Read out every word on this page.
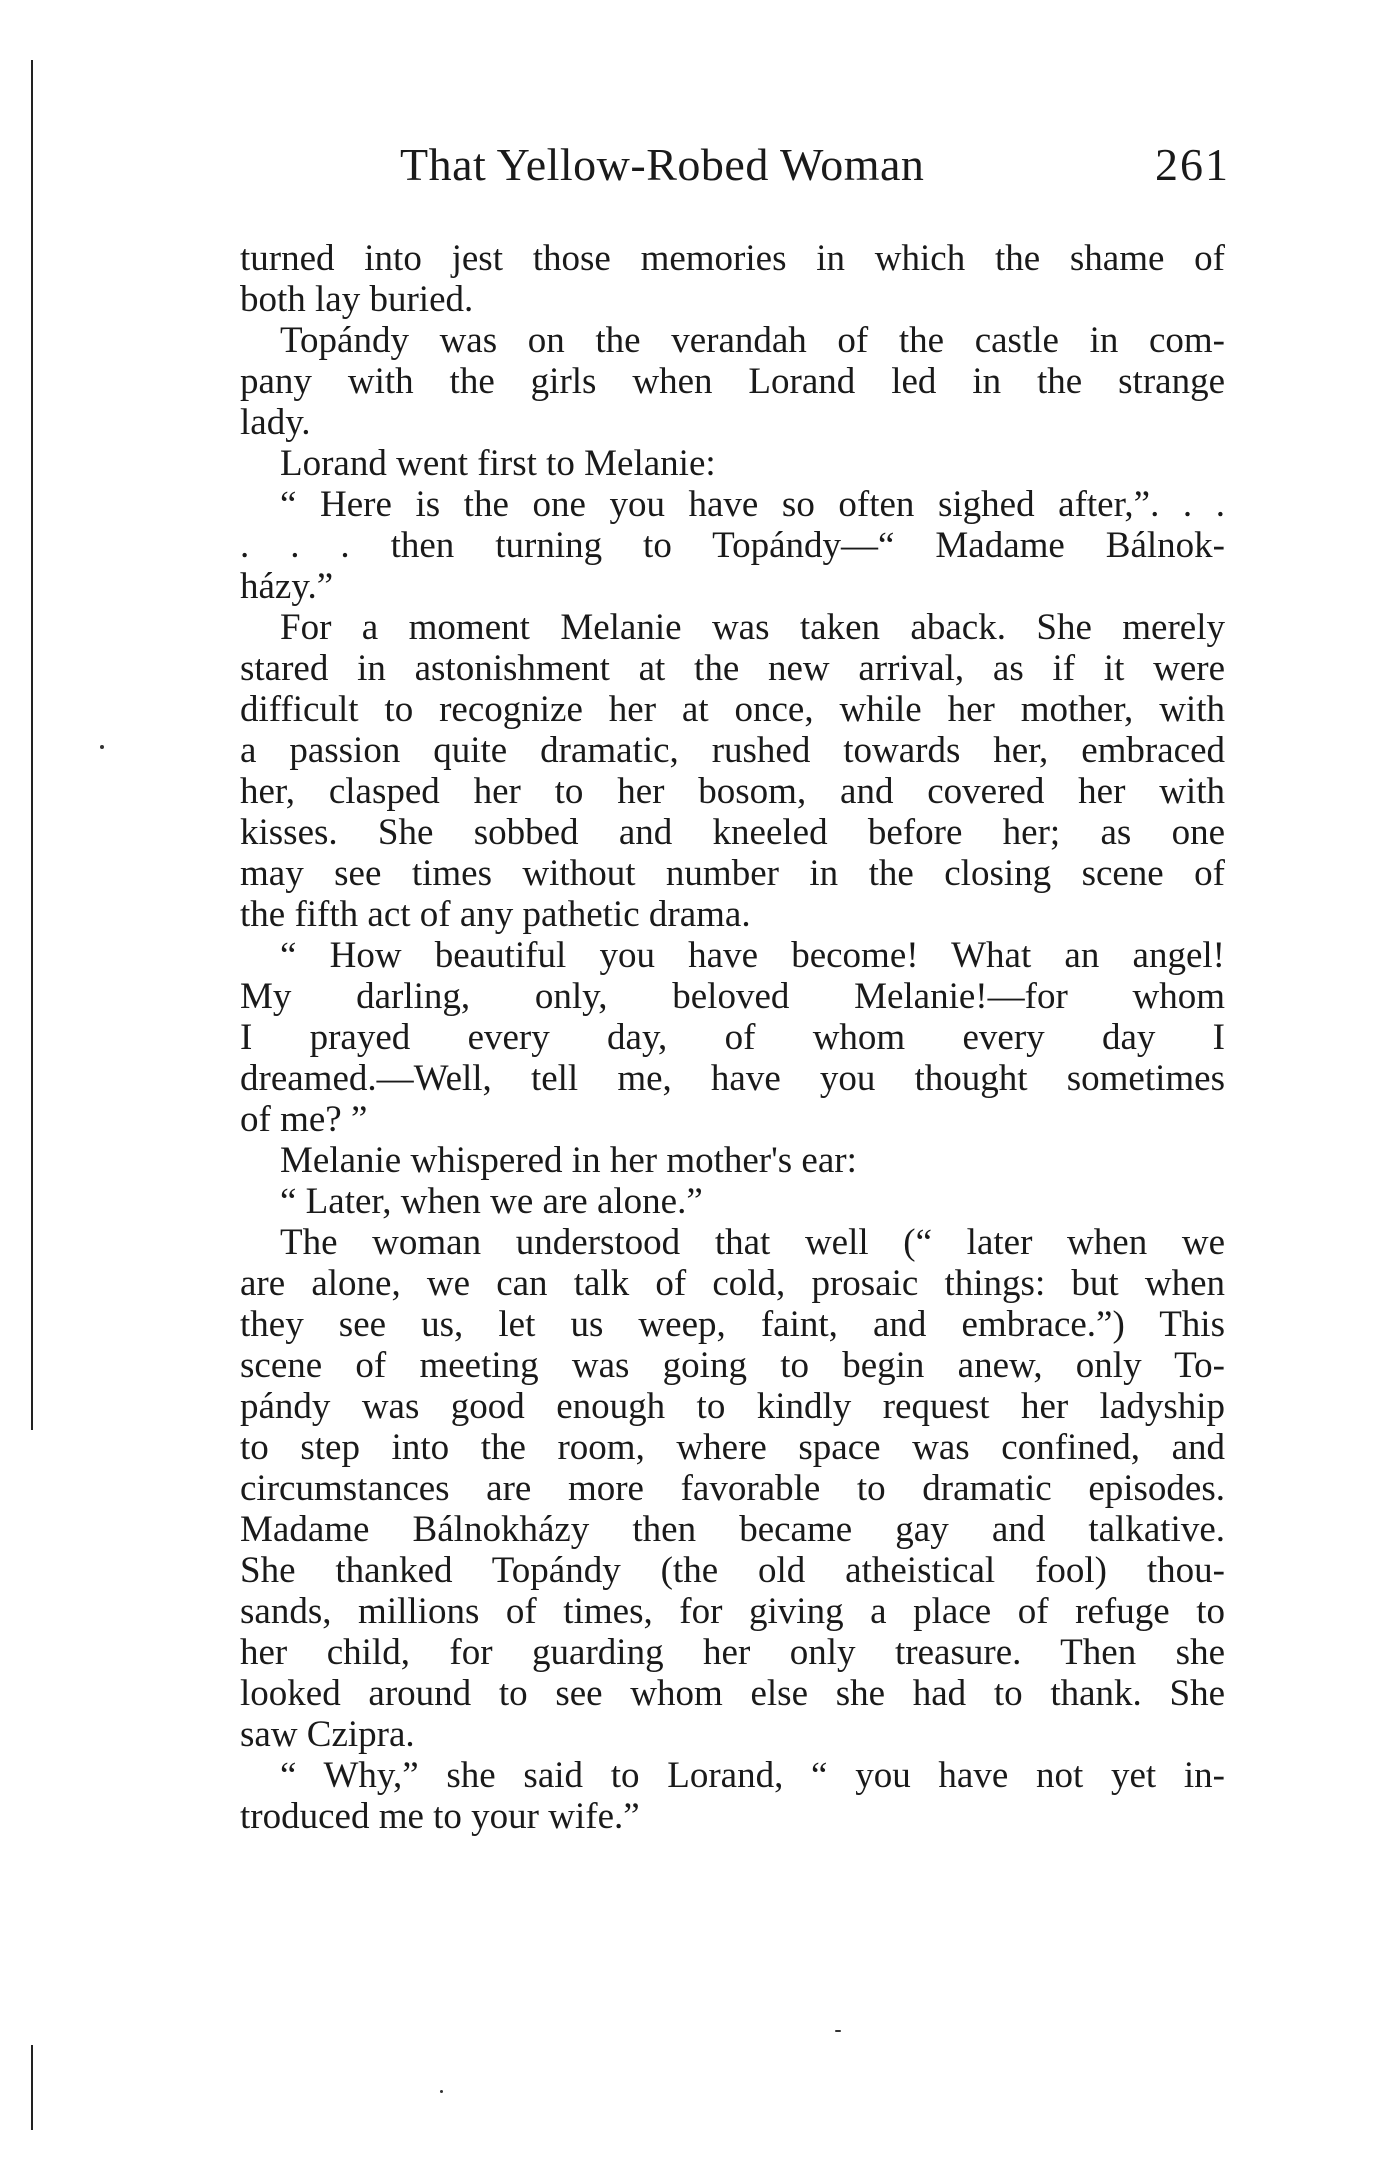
That Yellow-Robed Woman	261
turned into jest those memories in which the shame of
both lay buried.
Topándy was on the verandah of the castle in com-
pany with the girls when Lorand led in the strange
lady.
Lorand went first to Melanie:
“ Here is the one you have so often sighed after,”. . .
. . . then turning to Topándy—“ Madame Bálnok-
házy.”
For a moment Melanie was taken aback. She merely
stared in astonishment at the new arrival, as if it were
difficult to recognize her at once, while her mother, with
a passion quite dramatic, rushed towards her, embraced
her, clasped her to her bosom, and covered her with
kisses. She sobbed and kneeled before her; as one
may see times without number in the closing scene of
the fifth act of any pathetic drama.
“ How beautiful you have become! What an angel!
My darling, only, beloved Melanie!—for whom
I prayed every day, of whom every day I
dreamed.—Well, tell me, have you thought sometimes
of me? ”
Melanie whispered in her mother's ear:
“ Later, when we are alone.”
The woman understood that well (“ later when we
are alone, we can talk of cold, prosaic things: but when
they see us, let us weep, faint, and embrace.”) This
scene of meeting was going to begin anew, only To-
pándy was good enough to kindly request her ladyship
to step into the room, where space was confined, and
circumstances are more favorable to dramatic episodes.
Madame Bálnokházy then became gay and talkative.
She thanked Topándy (the old atheistical fool) thou-
sands, millions of times, for giving a place of refuge to
her child, for guarding her only treasure. Then she
looked around to see whom else she had to thank. She
saw Czipra.
“ Why,” she said to Lorand, “ you have not yet in-
troduced me to your wife.”
